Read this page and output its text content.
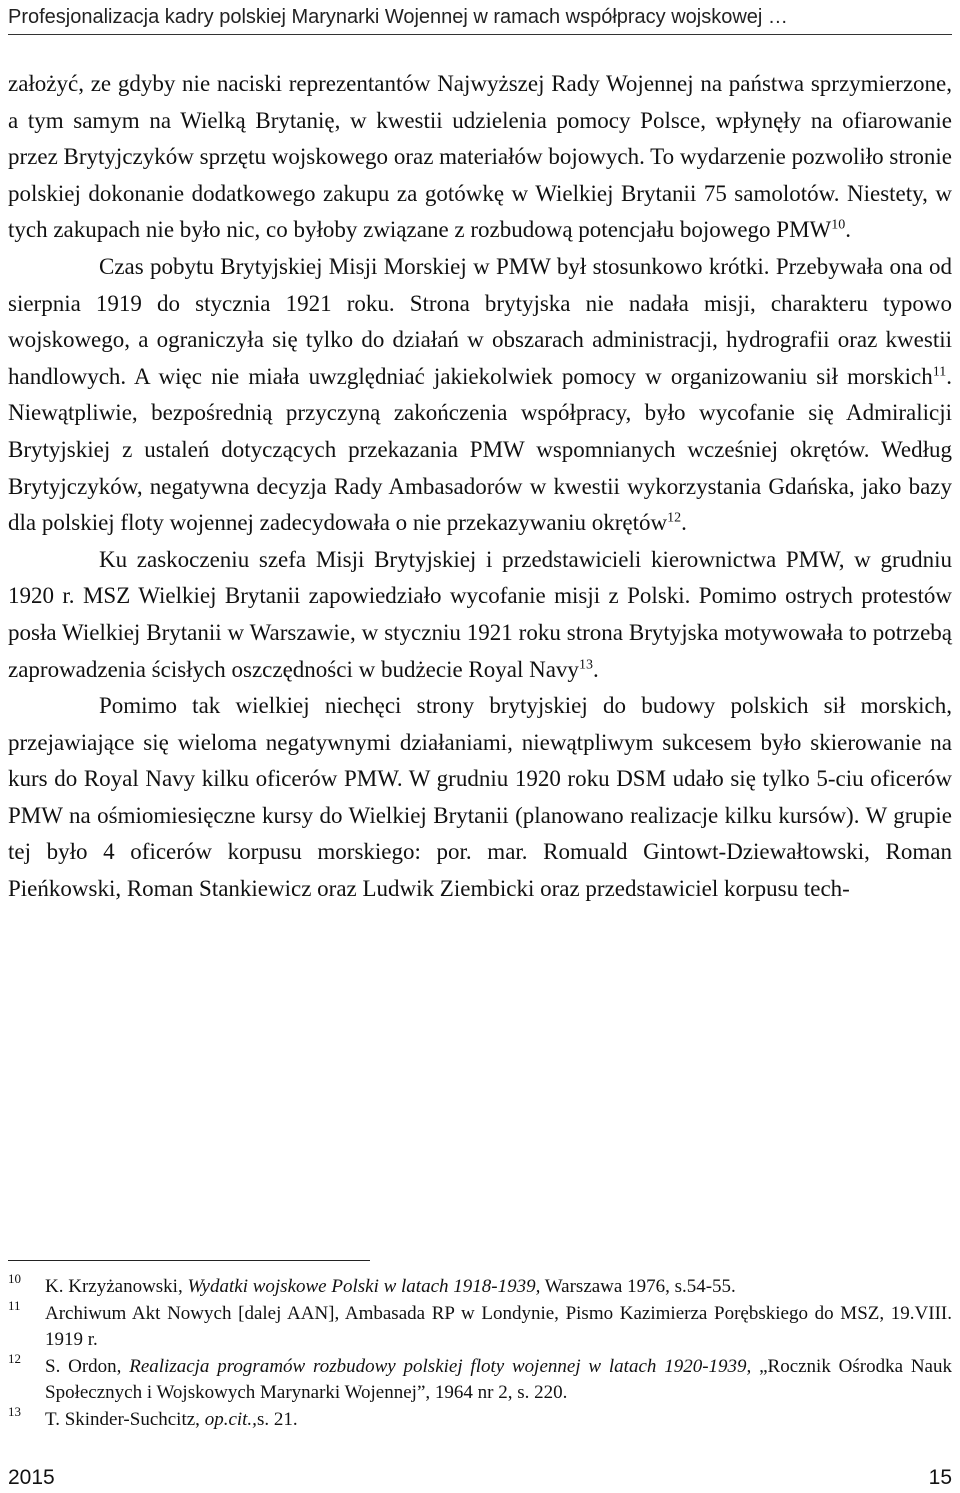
Profesjonalizacja kadry polskiej Marynarki Wojennej w ramach współpracy wojskowej …

założyć, ze gdyby nie naciski reprezentantów Najwyższej Rady Wojennej na państwa sprzymierzone, a tym samym na Wielką Brytanię, w kwestii udzielenia pomocy Polsce, wpłynęły na ofiarowanie przez Brytyjczyków sprzętu wojskowego oraz materiałów bojowych. To wydarzenie pozwoliło stronie polskiej dokonanie dodatkowego zakupu za gotówkę w Wielkiej Brytanii 75 samolotów. Niestety, w tych zakupach nie było nic, co byłoby związane z rozbudową potencjału bojowego PMW$^{10}$.

Czas pobytu Brytyjskiej Misji Morskiej w PMW był stosunkowo krótki. Przebywała ona od sierpnia 1919 do stycznia 1921 roku. Strona brytyjska nie nadała misji, charakteru typowo wojskowego, a ograniczyła się tylko do działań w obszarach administracji, hydrografii oraz kwestii handlowych. A więc nie miała uwzględniać jakiekolwiek pomocy w organizowaniu sił morskich$^{11}$. Niewątpliwie, bezpośrednią przyczyną zakończenia współpracy, było wycofanie się Admiralicji Brytyjskiej z ustaleń dotyczących przekazania PMW wspomnianych wcześniej okrętów. Według Brytyjczyków, negatywna decyzja Rady Ambasadorów w kwestii wykorzystania Gdańska, jako bazy dla polskiej floty wojennej zadecydowała o nie przekazywaniu okrętów$^{12}$.

Ku zaskoczeniu szefa Misji Brytyjskiej i przedstawicieli kierownictwa PMW, w grudniu 1920 r. MSZ Wielkiej Brytanii zapowiedziało wycofanie misji z Polski. Pomimo ostrych protestów posła Wielkiej Brytanii w Warszawie, w styczniu 1921 roku strona Brytyjska motywowała to potrzebą zaprowadzenia ścisłych oszczędności w budżecie Royal Navy$^{13}$.

Pomimo tak wielkiej niechęci strony brytyjskiej do budowy polskich sił morskich, przejawiające się wieloma negatywnymi działaniami, niewątpliwym sukcesem było skierowanie na kurs do Royal Navy kilku oficerów PMW. W grudniu 1920 roku DSM udało się tylko 5-ciu oficerów PMW na ośmiomiesięczne kursy do Wielkiej Brytanii (planowano realizacje kilku kursów). W grupie tej było 4 oficerów korpusu morskiego: por. mar. Romuald Gintowt-Dziewałtowski, Roman Pieńkowski, Roman Stankiewicz oraz Ludwik Ziembicki oraz przedstawiciel korpusu tech-

10 K. Krzyżanowski, Wydatki wojskowe Polski w latach 1918-1939, Warszawa 1976, s.54-55.
11 Archiwum Akt Nowych [dalej AAN], Ambasada RP w Londynie, Pismo Kazimierza Porębskiego do MSZ, 19.VIII. 1919 r.
12 S. Ordon, Realizacja programów rozbudowy polskiej floty wojennej w latach 1920-1939, „Rocznik Ośrodka Nauk Społecznych i Wojskowych Marynarki Wojennej”, 1964 nr 2, s. 220.
13 T. Skinder-Suchcitz, op.cit.,s. 21.
2015	15
